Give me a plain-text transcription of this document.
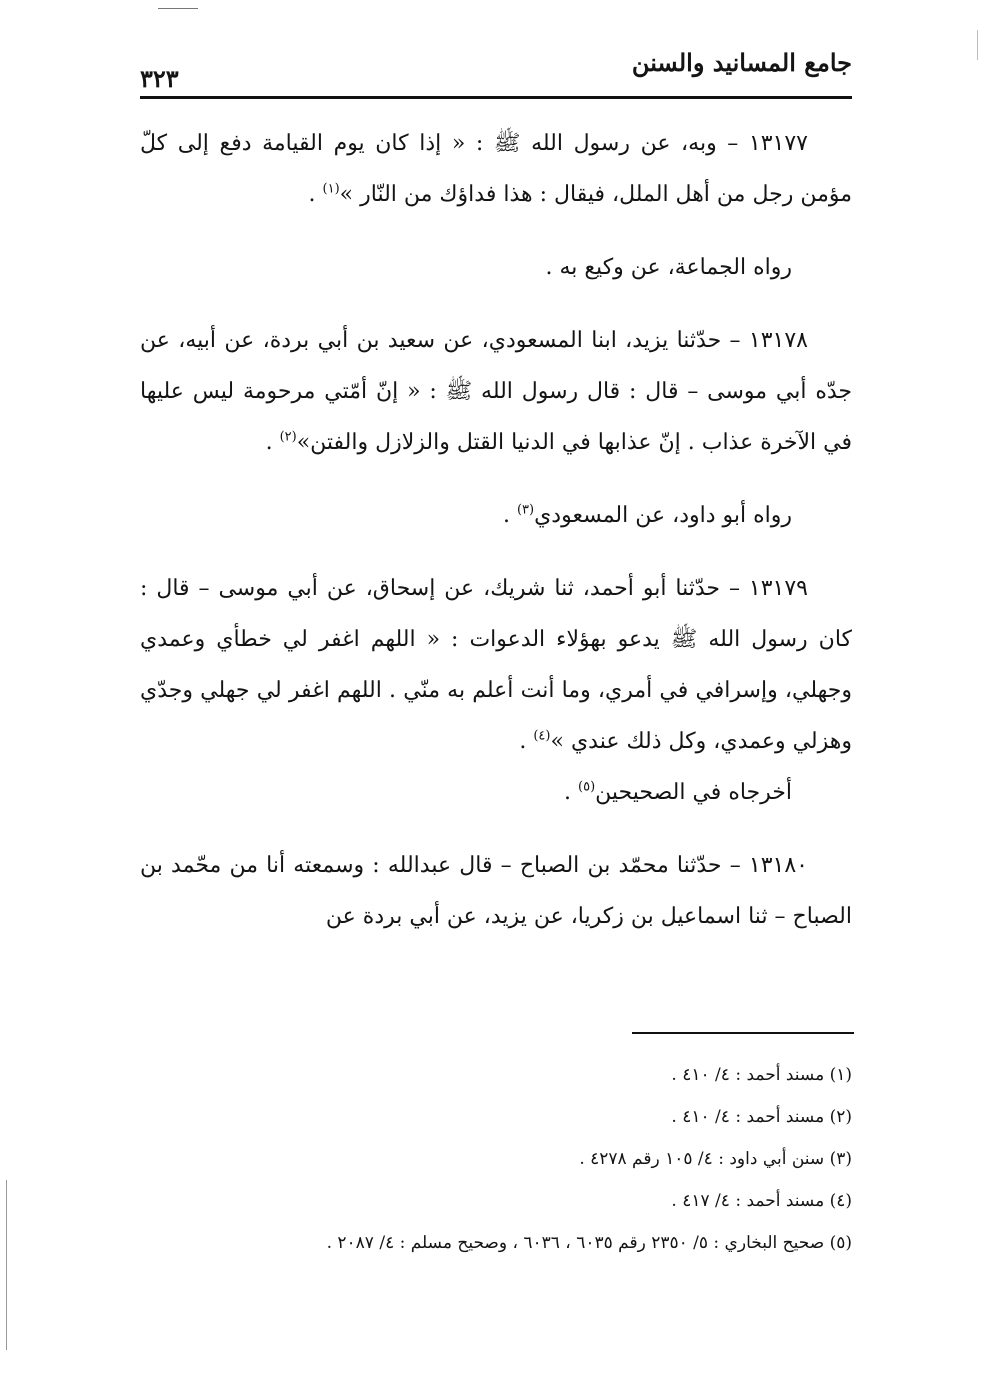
جامع المسانيد والسنن
٣٢٣

١٣١٧٧ – وبه، عن رسول الله ﷺ : « إذا كان يوم القيامة دفع إلى كلّ مؤمن رجل من أهل الملل، فيقال : هذا فداؤك من النّار »$^{(١)}$ .

رواه الجماعة، عن وكيع به .

١٣١٧٨ – حدّثنا يزيد، ابنا المسعودي، عن سعيد بن أبي بردة، عن أبيه، عن جدّه أبي موسى – قال : قال رسول الله ﷺ : « إنّ أمّتي مرحومة ليس عليها في الآخرة عذاب . إنّ عذابها في الدنيا القتل والزلازل والفتن»$^{(٢)}$ .

رواه أبو داود، عن المسعودي$^{(٣)}$ .

١٣١٧٩ – حدّثنا أبو أحمد، ثنا شريك، عن إسحاق، عن أبي موسى – قال : كان رسول الله ﷺ يدعو بهؤلاء الدعوات : « اللهم اغفر لي خطأي وعمدي وجهلي، وإسرافي في أمري، وما أنت أعلم به منّي . اللهم اغفر لي جهلي وجدّي وهزلي وعمدي، وكل ذلك عندي »$^{(٤)}$ .

أخرجاه في الصحيحين$^{(٥)}$ .

١٣١٨٠ – حدّثنا محمّد بن الصباح – قال عبدالله : وسمعته أنا من محّمد بن الصباح – ثنا اسماعيل بن زكريا، عن يزيد، عن أبي بردة عن

(١) مسند أحمد : ٤/ ٤١٠ .
(٢) مسند أحمد : ٤/ ٤١٠ .
(٣) سنن أبي داود : ٤/ ١٠٥ رقم ٤٢٧٨ .
(٤) مسند أحمد : ٤/ ٤١٧ .
(٥) صحيح البخاري : ٥/ ٢٣٥٠ رقم ٦٠٣٥ ، ٦٠٣٦ ، وصحيح مسلم : ٤/ ٢٠٨٧ .
